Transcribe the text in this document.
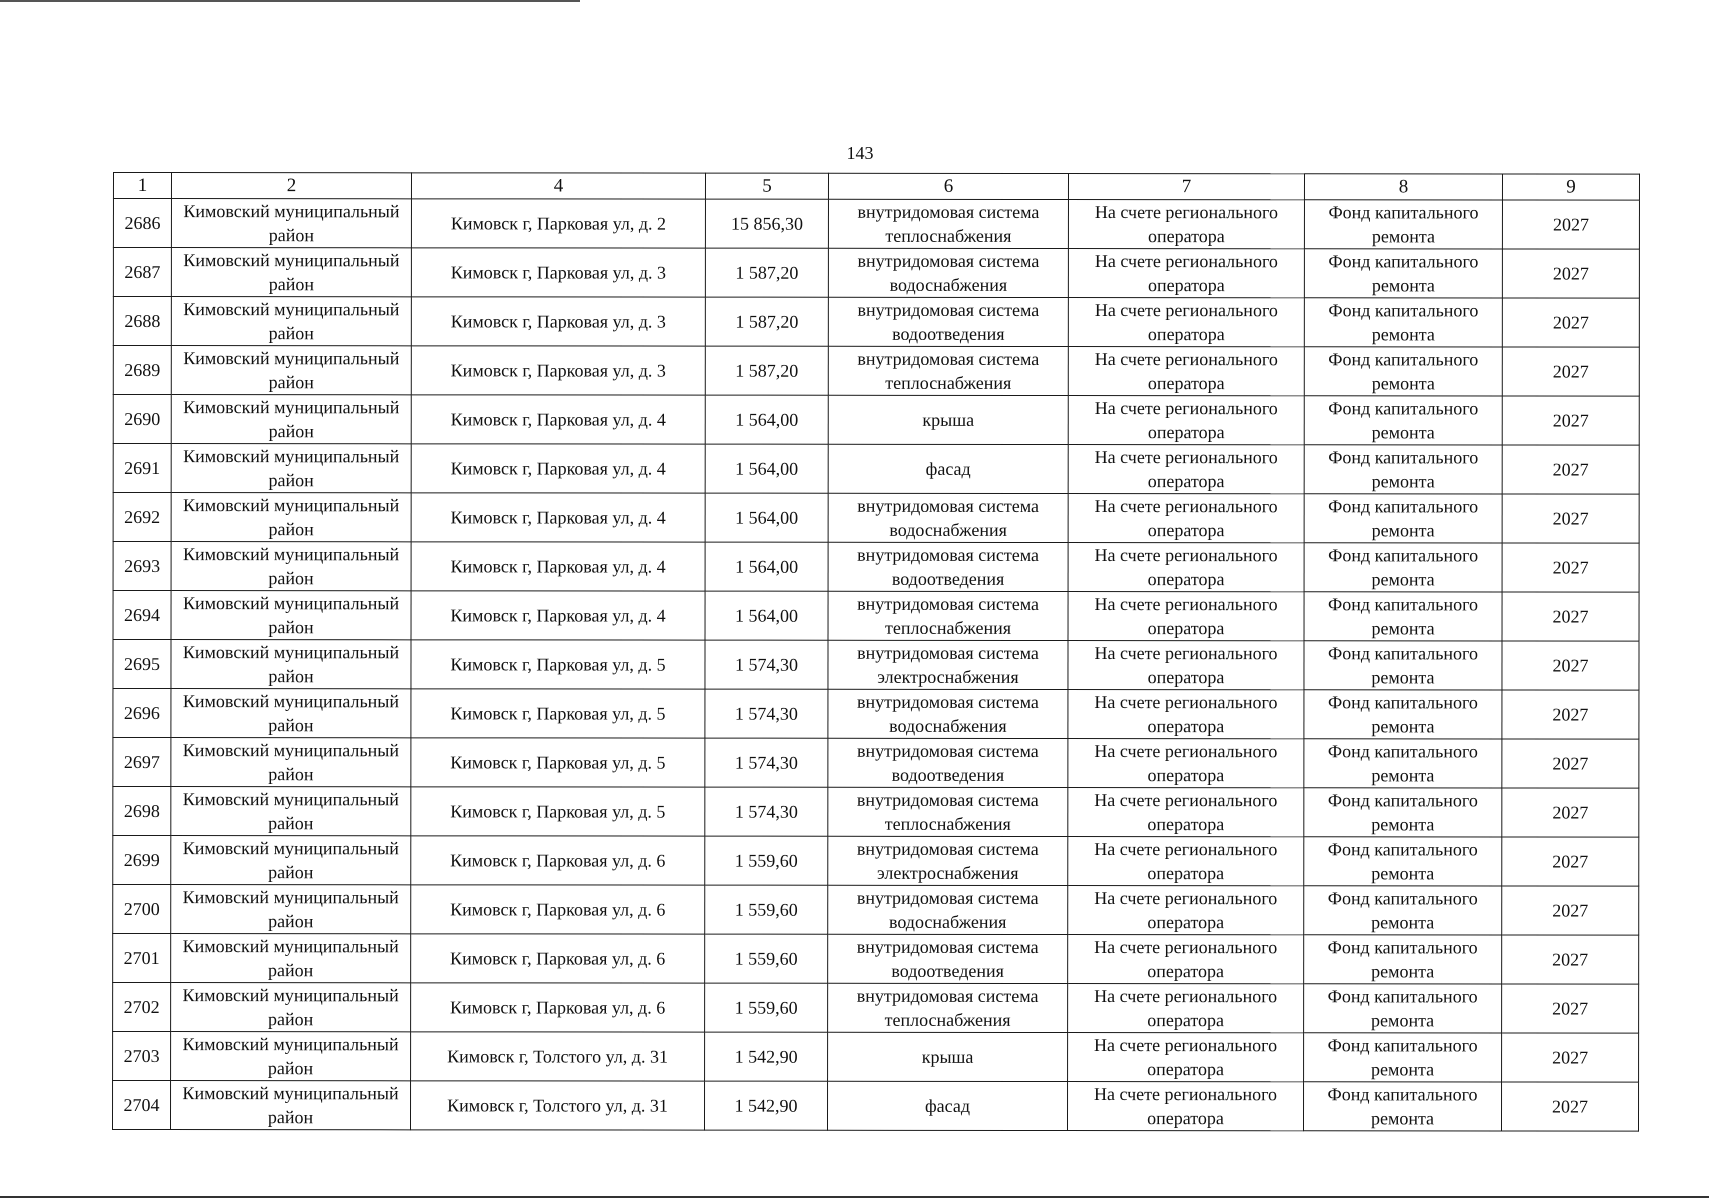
143
1	2	4	5	6	7	8	9
2686	Кимовский муниципальный район	Кимовск г, Парковая ул, д. 2	15 856,30	внутридомовая система теплоснабжения	На счете регионального оператора	Фонд капитального ремонта	2027
2687	Кимовский муниципальный район	Кимовск г, Парковая ул, д. 3	1 587,20	внутридомовая система водоснабжения	На счете регионального оператора	Фонд капитального ремонта	2027
2688	Кимовский муниципальный район	Кимовск г, Парковая ул, д. 3	1 587,20	внутридомовая система водоотведения	На счете регионального оператора	Фонд капитального ремонта	2027
2689	Кимовский муниципальный район	Кимовск г, Парковая ул, д. 3	1 587,20	внутридомовая система теплоснабжения	На счете регионального оператора	Фонд капитального ремонта	2027
2690	Кимовский муниципальный район	Кимовск г, Парковая ул, д. 4	1 564,00	крыша	На счете регионального оператора	Фонд капитального ремонта	2027
2691	Кимовский муниципальный район	Кимовск г, Парковая ул, д. 4	1 564,00	фасад	На счете регионального оператора	Фонд капитального ремонта	2027
2692	Кимовский муниципальный район	Кимовск г, Парковая ул, д. 4	1 564,00	внутридомовая система водоснабжения	На счете регионального оператора	Фонд капитального ремонта	2027
2693	Кимовский муниципальный район	Кимовск г, Парковая ул, д. 4	1 564,00	внутридомовая система водоотведения	На счете регионального оператора	Фонд капитального ремонта	2027
2694	Кимовский муниципальный район	Кимовск г, Парковая ул, д. 4	1 564,00	внутридомовая система теплоснабжения	На счете регионального оператора	Фонд капитального ремонта	2027
2695	Кимовский муниципальный район	Кимовск г, Парковая ул, д. 5	1 574,30	внутридомовая система электроснабжения	На счете регионального оператора	Фонд капитального ремонта	2027
2696	Кимовский муниципальный район	Кимовск г, Парковая ул, д. 5	1 574,30	внутридомовая система водоснабжения	На счете регионального оператора	Фонд капитального ремонта	2027
2697	Кимовский муниципальный район	Кимовск г, Парковая ул, д. 5	1 574,30	внутридомовая система водоотведения	На счете регионального оператора	Фонд капитального ремонта	2027
2698	Кимовский муниципальный район	Кимовск г, Парковая ул, д. 5	1 574,30	внутридомовая система теплоснабжения	На счете регионального оператора	Фонд капитального ремонта	2027
2699	Кимовский муниципальный район	Кимовск г, Парковая ул, д. 6	1 559,60	внутридомовая система электроснабжения	На счете регионального оператора	Фонд капитального ремонта	2027
2700	Кимовский муниципальный район	Кимовск г, Парковая ул, д. 6	1 559,60	внутридомовая система водоснабжения	На счете регионального оператора	Фонд капитального ремонта	2027
2701	Кимовский муниципальный район	Кимовск г, Парковая ул, д. 6	1 559,60	внутридомовая система водоотведения	На счете регионального оператора	Фонд капитального ремонта	2027
2702	Кимовский муниципальный район	Кимовск г, Парковая ул, д. 6	1 559,60	внутридомовая система теплоснабжения	На счете регионального оператора	Фонд капитального ремонта	2027
2703	Кимовский муниципальный район	Кимовск г, Толстого ул, д. 31	1 542,90	крыша	На счете регионального оператора	Фонд капитального ремонта	2027
2704	Кимовский муниципальный район	Кимовск г, Толстого ул, д. 31	1 542,90	фасад	На счете регионального оператора	Фонд капитального ремонта	2027
